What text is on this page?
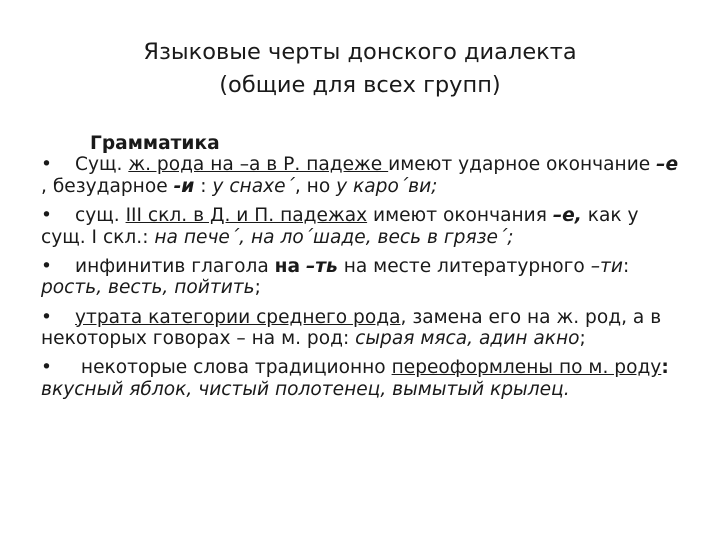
Языковые черты донского диалекта
(общие для всех групп)
Грамматика
• Сущ. ж. рода на –а в Р. падеже имеют ударное окончание –е , безударное -и : у снахе´, но у каро´ви;
• сущ. III скл. в Д. и П. падежах имеют окончания –е, как у сущ. I скл.: на пече´, на ло´шаде, весь в грязе´;
• инфинитив глагола на –ть на месте литературного –ти: рость, весть, пойтить;
• утрата категории среднего рода, замена его на ж. род, а в некоторых говорах – на м. род: сырая мяса, адин акно;
• некоторые слова традиционно переоформлены по м. роду: вкусный яблок, чистый полотенец, вымытый крылец.
